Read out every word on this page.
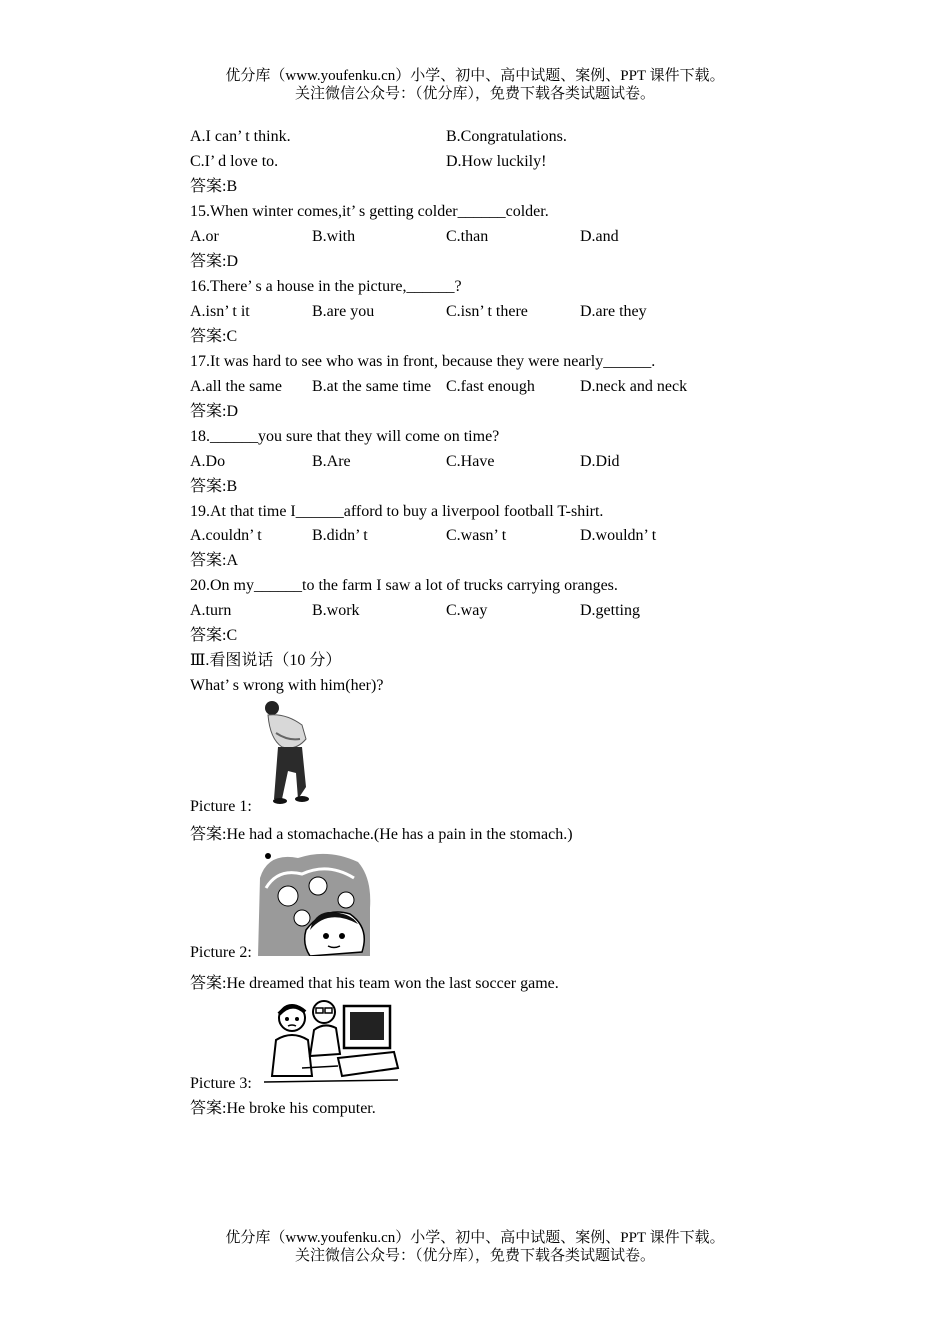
优分库（www.youfenku.cn）小学、初中、高中试题、案例、PPT 课件下载。
关注微信公众号：（优分库），免费下载各类试题试卷。
A.I can’ t think.	B.Congratulations.
C.I’ d love to.	D.How luckily!
答案:B
15.When winter comes,it’ s getting colder______colder.
A.or	B.with	C.than	D.and
答案:D
16.There’ s a house in the picture,______?
A.isn’ t it	B.are you	C.isn’ t there	D.are they
答案:C
17.It was hard to see who was in front, because they were nearly______.
A.all the same B.at the same time C.fast enough	D.neck and neck
答案:D
18.______you sure that they will come on time?
A.Do	B.Are	C.Have	D.Did
答案:B
19.At that time I______afford to buy a liverpool football T-shirt.
A.couldn’ t	B.didn’ t	C.wasn’ t	D.wouldn’ t
答案:A
20.On my______to the farm I saw a lot of trucks carrying oranges.
A.turn	B.work	C.way	D.getting
答案:C
Ⅲ.看图说话（10 分）
What’ s wrong with him(her)?
Picture 1:
答案:He had a stomachache.(He has a pain in the stomach.)
Picture 2:
答案:He dreamed that his team won the last soccer game.
Picture 3:
答案:He broke his computer.
优分库（www.youfenku.cn）小学、初中、高中试题、案例、PPT 课件下载。
关注微信公众号：（优分库），免费下载各类试题试卷。
